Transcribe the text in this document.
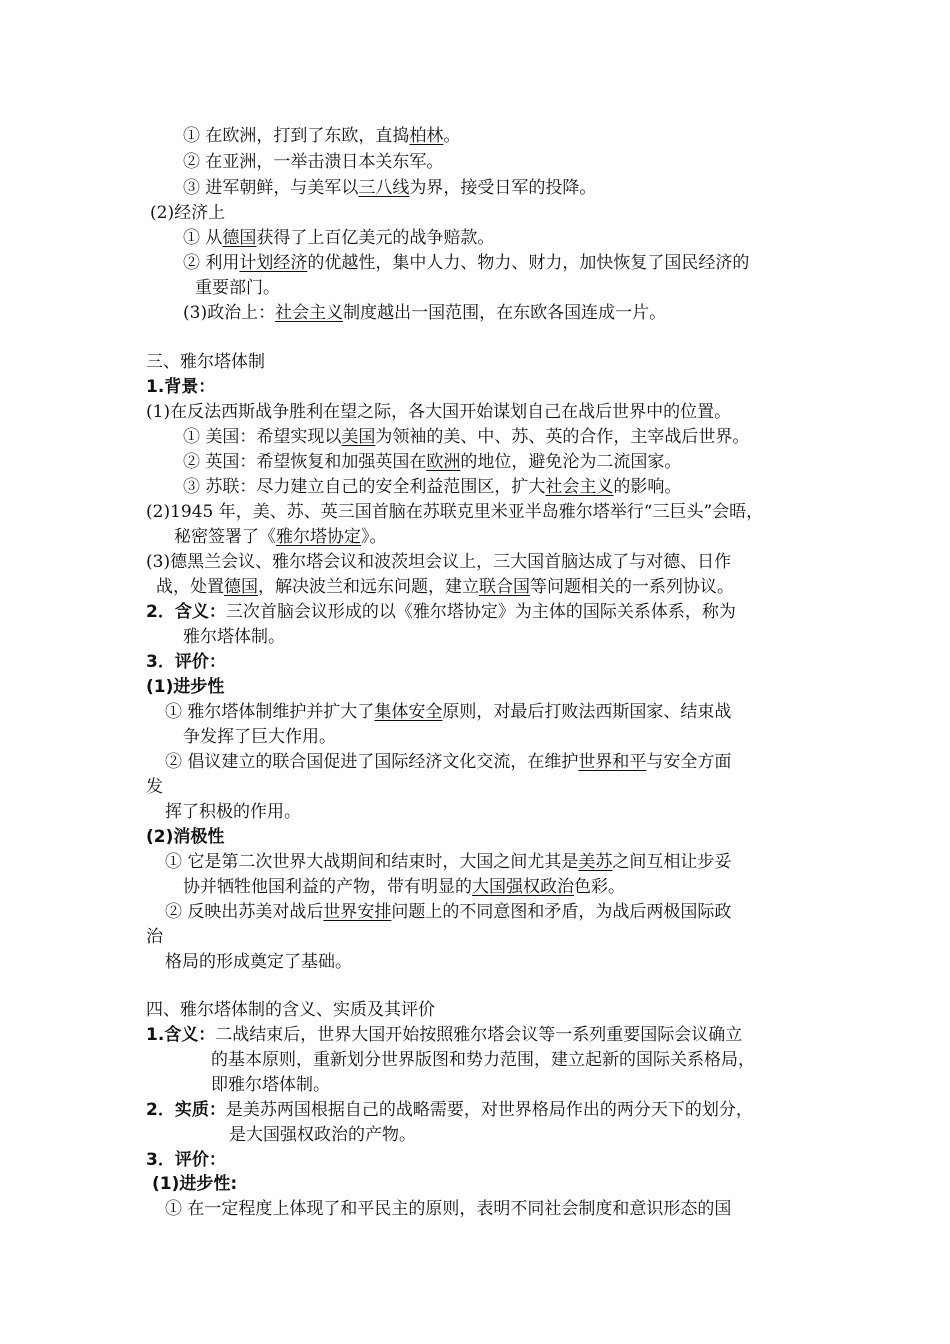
① 在欧洲，打到了东欧，直捣柏林。
② 在亚洲，一举击溃日本关东军。
③ 进军朝鲜，与美军以三八线为界，接受日军的投降。
(2)经济上
① 从德国获得了上百亿美元的战争赔款。
② 利用计划经济的优越性，集中人力、物力、财力，加快恢复了国民经济的
重要部门。
(3)政治上：社会主义制度越出一国范围，在东欧各国连成一片。
三、雅尔塔体制
1.背景：
(1)在反法西斯战争胜利在望之际，各大国开始谋划自己在战后世界中的位置。
① 美国：希望实现以美国为领袖的美、中、苏、英的合作，主宰战后世界。
② 英国：希望恢复和加强英国在欧洲的地位，避免沦为二流国家。
③ 苏联：尽力建立自己的安全利益范围区，扩大社会主义的影响。
(2)1945 年，美、苏、英三国首脑在苏联克里米亚半岛雅尔塔举行“三巨头”会晤，
秘密签署了《雅尔塔协定》。
(3)德黑兰会议、雅尔塔会议和波茨坦会议上，三大国首脑达成了与对德、日作
战，处置德国，解决波兰和远东问题，建立联合国等问题相关的一系列协议。
2．含义：三次首脑会议形成的以《雅尔塔协定》为主体的国际关系体系，称为
雅尔塔体制。
3．评价：
(1)进步性
① 雅尔塔体制维护并扩大了集体安全原则，对最后打败法西斯国家、结束战
争发挥了巨大作用。
② 倡议建立的联合国促进了国际经济文化交流，在维护世界和平与安全方面
发
挥了积极的作用。
(2)消极性
① 它是第二次世界大战期间和结束时，大国之间尤其是美苏之间互相让步妥
协并牺牲他国利益的产物，带有明显的大国强权政治色彩。
② 反映出苏美对战后世界安排问题上的不同意图和矛盾，为战后两极国际政
治
格局的形成奠定了基础。
四、雅尔塔体制的含义、实质及其评价
1.含义：二战结束后，世界大国开始按照雅尔塔会议等一系列重要国际会议确立
的基本原则，重新划分世界版图和势力范围，建立起新的国际关系格局，
即雅尔塔体制。
2．实质：是美苏两国根据自己的战略需要，对世界格局作出的两分天下的划分，
是大国强权政治的产物。
3．评价：
(1)进步性:
① 在一定程度上体现了和平民主的原则，表明不同社会制度和意识形态的国
